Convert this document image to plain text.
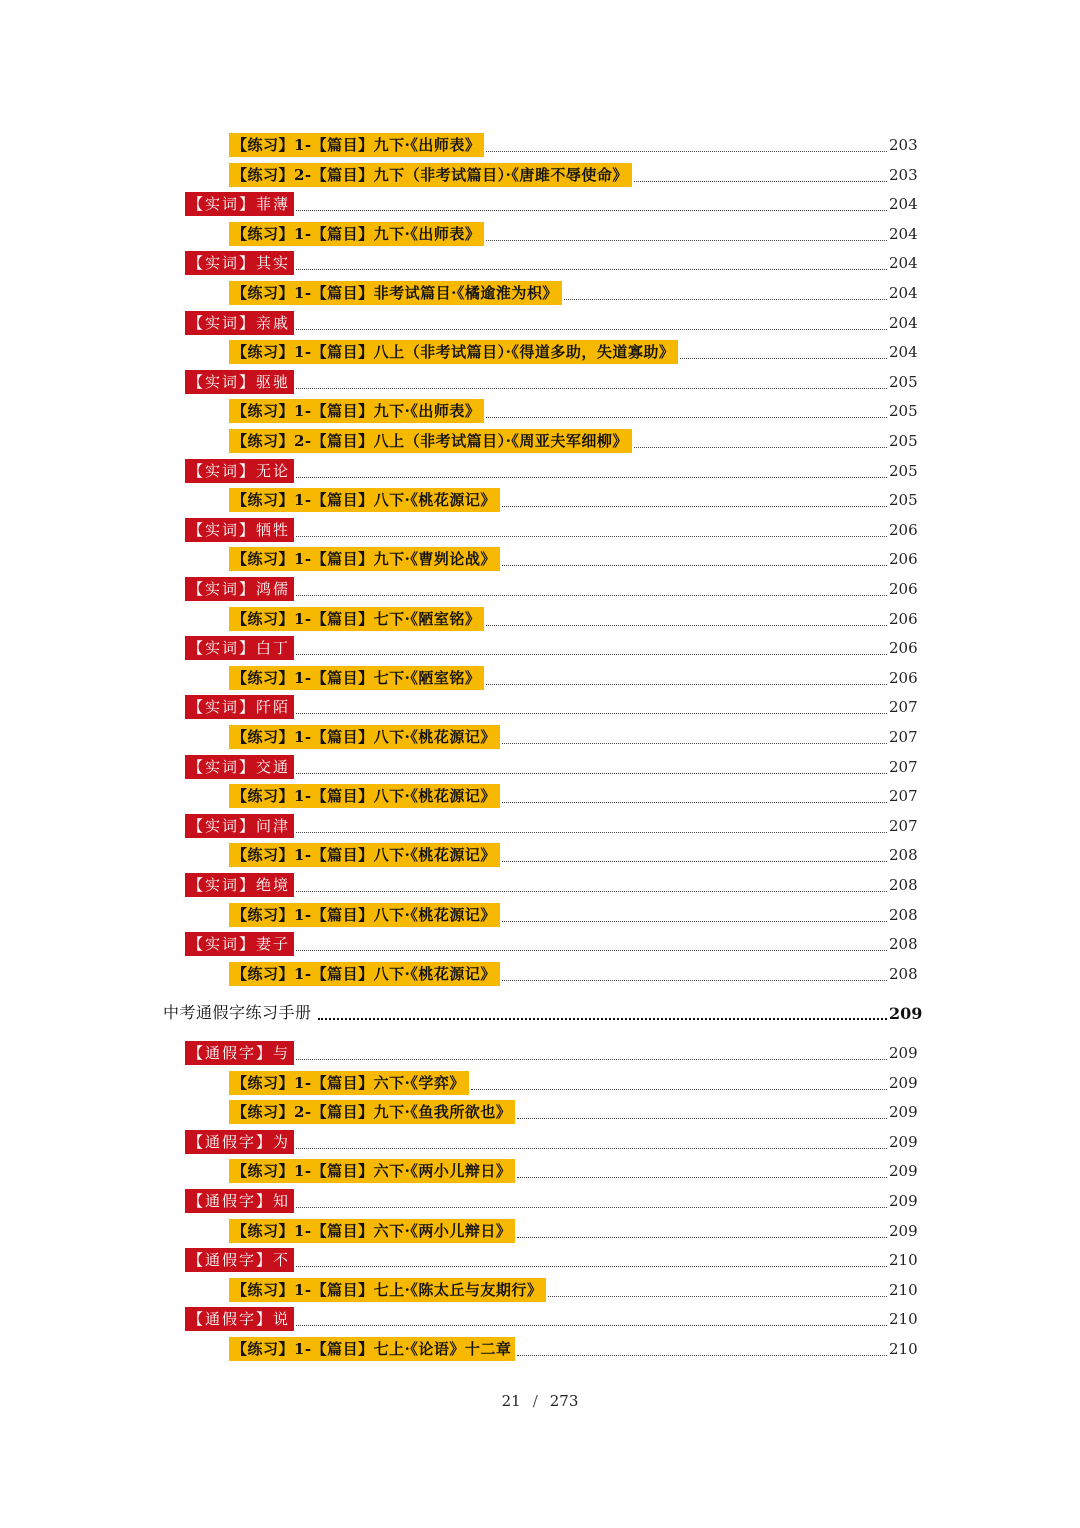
【练习】1-【篇目】九下·《出师表》	203
【练习】2-【篇目】九下（非考试篇目）·《唐雎不辱使命》	203
【实词】菲薄	204
【练习】1-【篇目】九下·《出师表》	204
【实词】其实	204
【练习】1-【篇目】非考试篇目·《橘逾淮为枳》	204
【实词】亲戚	204
【练习】1-【篇目】八上（非考试篇目）·《得道多助，失道寡助》	204
【实词】驱驰	205
【练习】1-【篇目】九下·《出师表》	205
【练习】2-【篇目】八上（非考试篇目）·《周亚夫军细柳》	205
【实词】无论	205
【练习】1-【篇目】八下·《桃花源记》	205
【实词】牺牲	206
【练习】1-【篇目】九下·《曹刿论战》	206
【实词】鸿儒	206
【练习】1-【篇目】七下·《陋室铭》	206
【实词】白丁	206
【练习】1-【篇目】七下·《陋室铭》	206
【实词】阡陌	207
【练习】1-【篇目】八下·《桃花源记》	207
【实词】交通	207
【练习】1-【篇目】八下·《桃花源记》	207
【实词】问津	207
【练习】1-【篇目】八下·《桃花源记》	208
【实词】绝境	208
【练习】1-【篇目】八下·《桃花源记》	208
【实词】妻子	208
【练习】1-【篇目】八下·《桃花源记》	208
中考通假字练习手册	209
【通假字】与	209
【练习】1-【篇目】六下·《学弈》	209
【练习】2-【篇目】九下·《鱼我所欲也》	209
【通假字】为	209
【练习】1-【篇目】六下·《两小儿辩日》	209
【通假字】知	209
【练习】1-【篇目】六下·《两小儿辩日》	209
【通假字】不	210
【练习】1-【篇目】七上·《陈太丘与友期行》	210
【通假字】说	210
【练习】1-【篇目】七上·《论语》十二章	210
21 / 273
